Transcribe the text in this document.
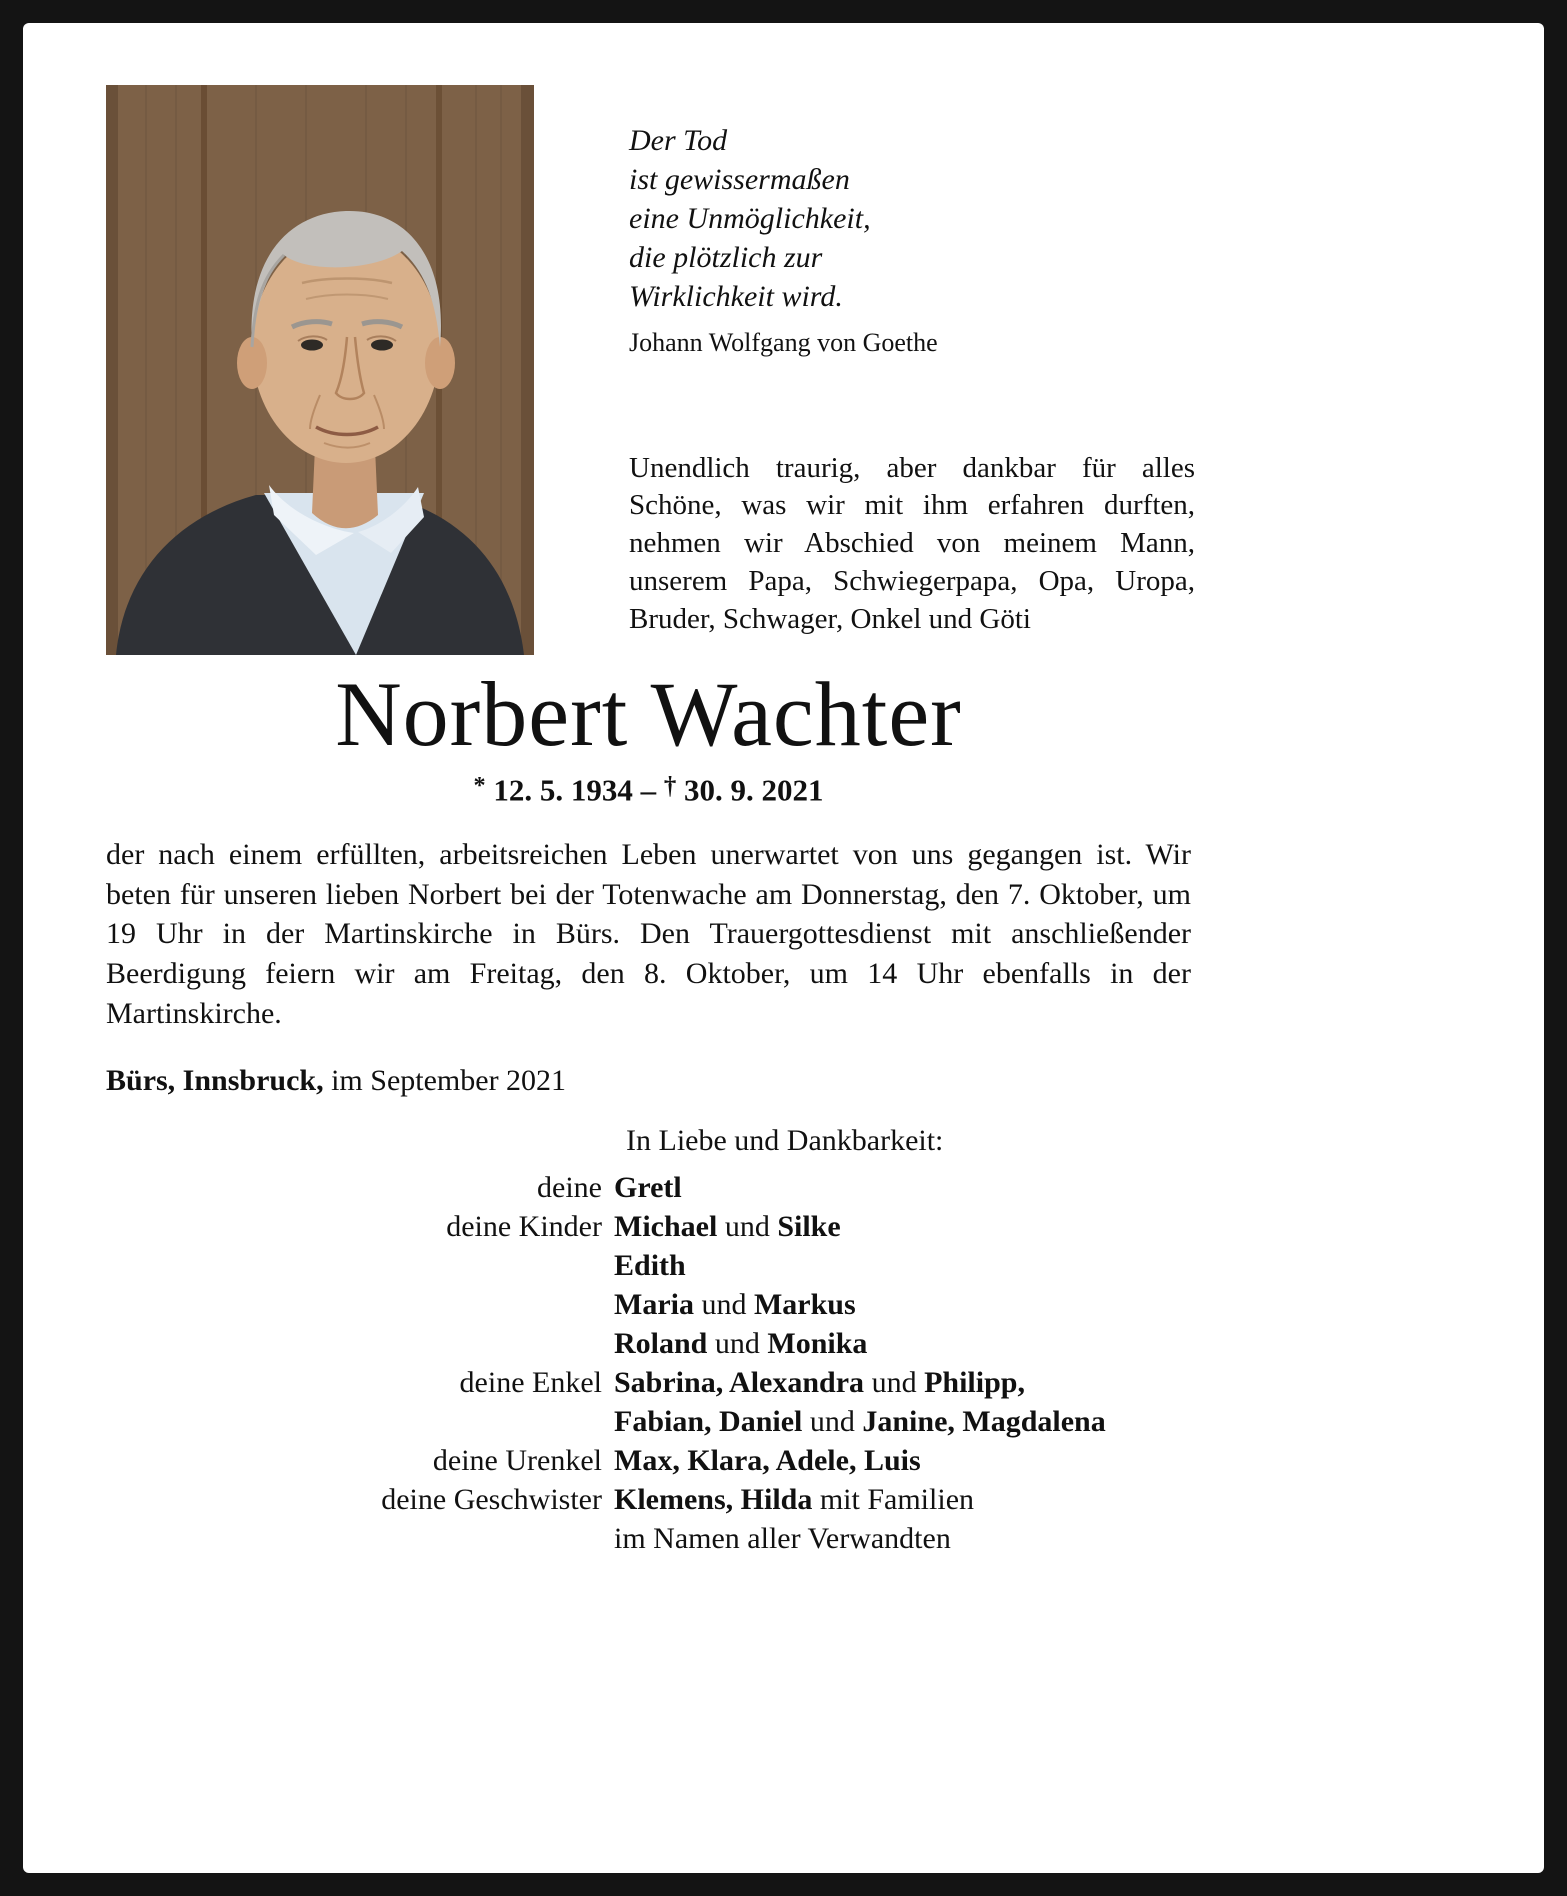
Der Tod
ist gewissermaßen
eine Unmöglichkeit,
die plötzlich zur
Wirklichkeit wird.
Johann Wolfgang von Goethe
Unendlich traurig, aber dankbar für alles Schöne, was wir mit ihm erfahren durften, nehmen wir Abschied von meinem Mann, unserem Papa, Schwiegerpapa, Opa, Uropa, Bruder, Schwager, Onkel und Göti
Norbert Wachter
* 12. 5. 1934 – † 30. 9. 2021
der nach einem erfüllten, arbeitsreichen Leben unerwartet von uns gegangen ist. Wir beten für unseren lieben Norbert bei der Totenwache am Donnerstag, den 7. Oktober, um 19 Uhr in der Martinskirche in Bürs. Den Trauergottesdienst mit anschließender Beerdigung feiern wir am Freitag, den 8. Oktober, um 14 Uhr ebenfalls in der Martinskirche.
Bürs, Innsbruck, im September 2021
In Liebe und Dankbarkeit:
deine Gretl
deine Kinder Michael und Silke
Edith
Maria und Markus
Roland und Monika
deine Enkel Sabrina, Alexandra und Philipp,
Fabian, Daniel und Janine, Magdalena
deine Urenkel Max, Klara, Adele, Luis
deine Geschwister Klemens, Hilda mit Familien
im Namen aller Verwandten
